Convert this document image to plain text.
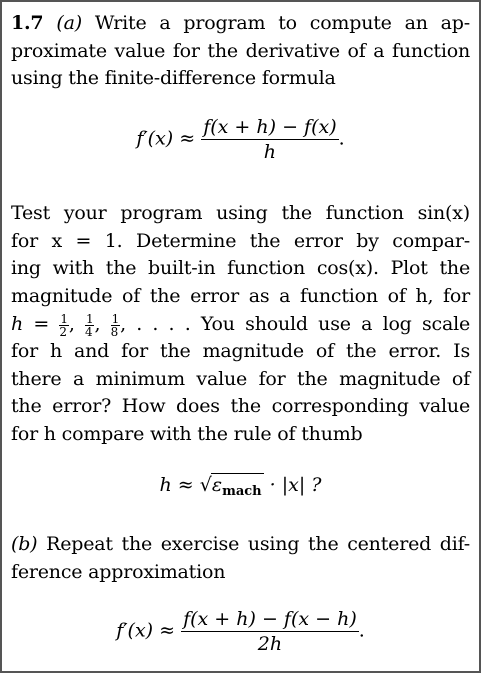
1.7 (a) Write a program to compute an ap-
proximate value for the derivative of a function
using the finite-difference formula
$f'(x) \approx \frac{f(x + h) - f(x)}{h}$ .
Test your program using the function sin(x)
for x = 1. Determine the error by compar-
ing with the built-in function cos(x). Plot the
magnitude of the error as a function of h, for
$h = \frac{1}{2}$ , $\frac{1}{4}$ , $\frac{1}{8}$ , . . . . You should use a log scale
for h and for the magnitude of the error. Is
there a minimum value for the magnitude of
the error? How does the corresponding value
for h compare with the rule of thumb
$h \approx √\varepsilon_{mach} \cdot |x|$ ?
(b) Repeat the exercise using the centered dif-
ference approximation
$f'(x) \approx \frac{f(x + h) - f(x - h)}{2h}$ .
